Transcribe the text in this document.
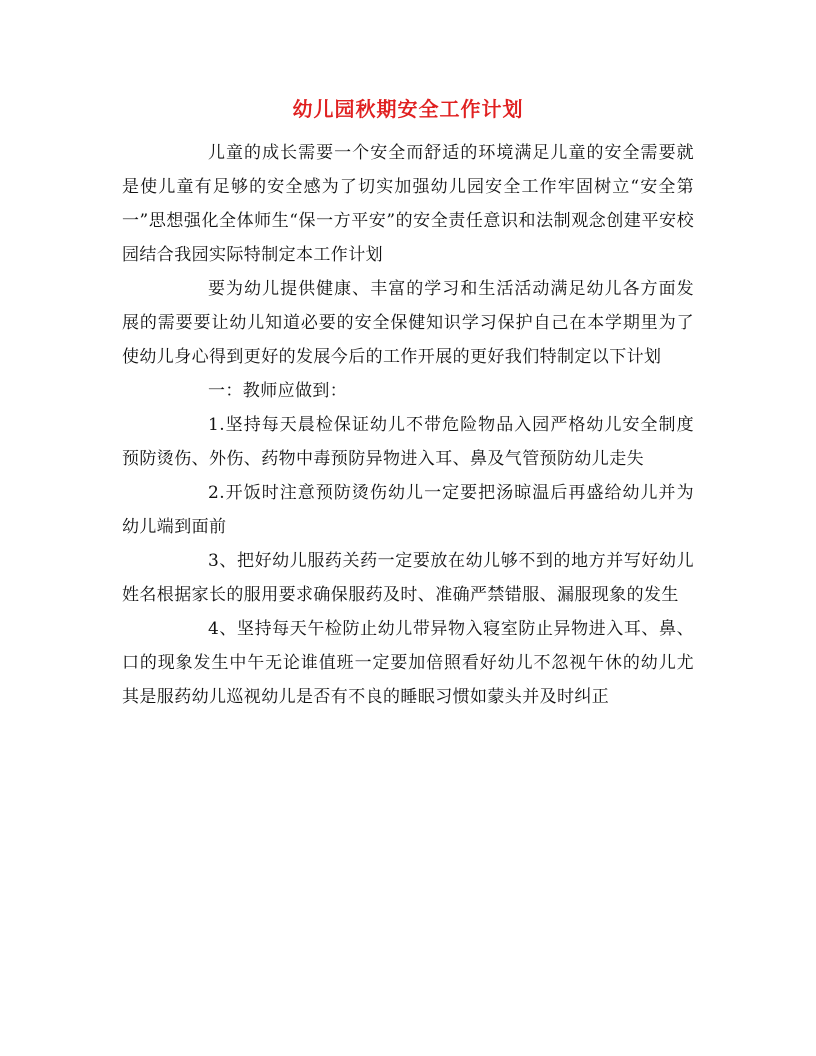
幼儿园秋期安全工作计划

儿童的成长需要一个安全而舒适的环境满足儿童的安全需要就是使儿童有足够的安全感为了切实加强幼儿园安全工作牢固树立“安全第一”思想强化全体师生“保一方平安”的安全责任意识和法制观念创建平安校园结合我园实际特制定本工作计划

要为幼儿提供健康、丰富的学习和生活活动满足幼儿各方面发展的需要要让幼儿知道必要的安全保健知识学习保护自己在本学期里为了使幼儿身心得到更好的发展今后的工作开展的更好我们特制定以下计划

一：教师应做到：

1.坚持每天晨检保证幼儿不带危险物品入园严格幼儿安全制度预防烫伤、外伤、药物中毒预防异物进入耳、鼻及气管预防幼儿走失

2.开饭时注意预防烫伤幼儿一定要把汤晾温后再盛给幼儿并为幼儿端到面前

3、把好幼儿服药关药一定要放在幼儿够不到的地方并写好幼儿姓名根据家长的服用要求确保服药及时、准确严禁错服、漏服现象的发生

4、坚持每天午检防止幼儿带异物入寝室防止异物进入耳、鼻、口的现象发生中午无论谁值班一定要加倍照看好幼儿不忽视午休的幼儿尤其是服药幼儿巡视幼儿是否有不良的睡眠习惯如蒙头并及时纠正
